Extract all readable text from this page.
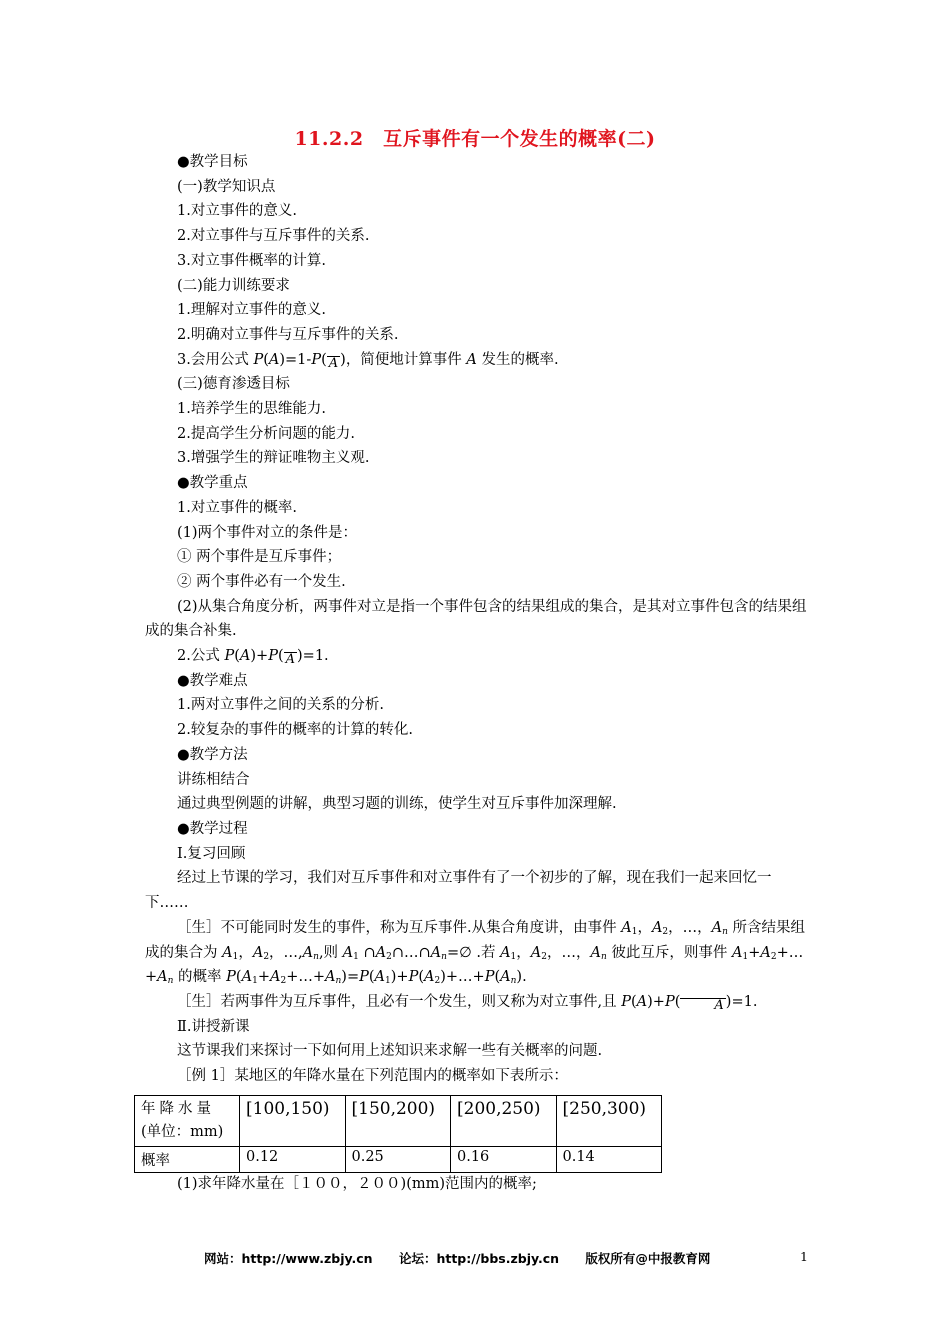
11.2.2　互斥事件有一个发生的概率(二)

●教学目标

(一)教学知识点

1.对立事件的意义.

2.对立事件与互斥事件的关系.

3.对立事件概率的计算.

(二)能力训练要求

1.理解对立事件的意义.

2.明确对立事件与互斥事件的关系.

3.会用公式 P(A)=1-P( A )，简便地计算事件 A 发生的概率.

(三)德育渗透目标

1.培养学生的思维能力.

2.提高学生分析问题的能力.

3.增强学生的辩证唯物主义观.

●教学重点

1.对立事件的概率.

(1)两个事件对立的条件是：

① 两个事件是互斥事件；

② 两个事件必有一个发生.

(2)从集合角度分析，两事件对立是指一个事件包含的结果组成的集合，是其对立事件包含的结果组成的集合补集.

2.公式 P(A)+P( A )=1.

●教学难点

1.两对立事件之间的关系的分析.

2.较复杂的事件的概率的计算的转化.

●教学方法

讲练相结合

通过典型例题的讲解，典型习题的训练，使学生对互斥事件加深理解.

●教学过程

Ⅰ.复习回顾

经过上节课的学习，我们对互斥事件和对立事件有了一个初步的了解，现在我们一起来回忆一下……

［生］不可能同时发生的事件，称为互斥事件.从集合角度讲，由事件 $A_1$，$A_2$，…，$A_n$ 所含结果组成的集合为 $A_1$，$A_2$，$\dots,A_n$,则 $A_1$ $\cap A_2\cap\dots\cap A_n=\emptyset$ .若 $A_1$，$A_2$，…，$A_n$ 彼此互斥，则事件 $A_1+A_2+\dots+A_n$ 的概率 $P(A_1+A_2+\dots+A_n)=P(A_1)+P(A_2)+\dots+P(A_n)$.

［生］若两事件为互斥事件，且必有一个发生，则又称为对立事件,且 P(A)+P(	A )=1.

Ⅱ.讲授新课

这节课我们来探讨一下如何用上述知识来求解一些有关概率的问题.

［例 1］某地区的年降水量在下列范围内的概率如下表所示：

年降水量
(单位：mm)	[100,150)	[150,200)	[200,250)	[250,300)
概率	0.12	0.25	0.16	0.14
(1)求年降水量在［１００，２００)(mm)范围内的概率;
网站：http://www.zbjy.cn 论坛：http://bbs.zbjy.cn 版权所有@中报教育网	1
